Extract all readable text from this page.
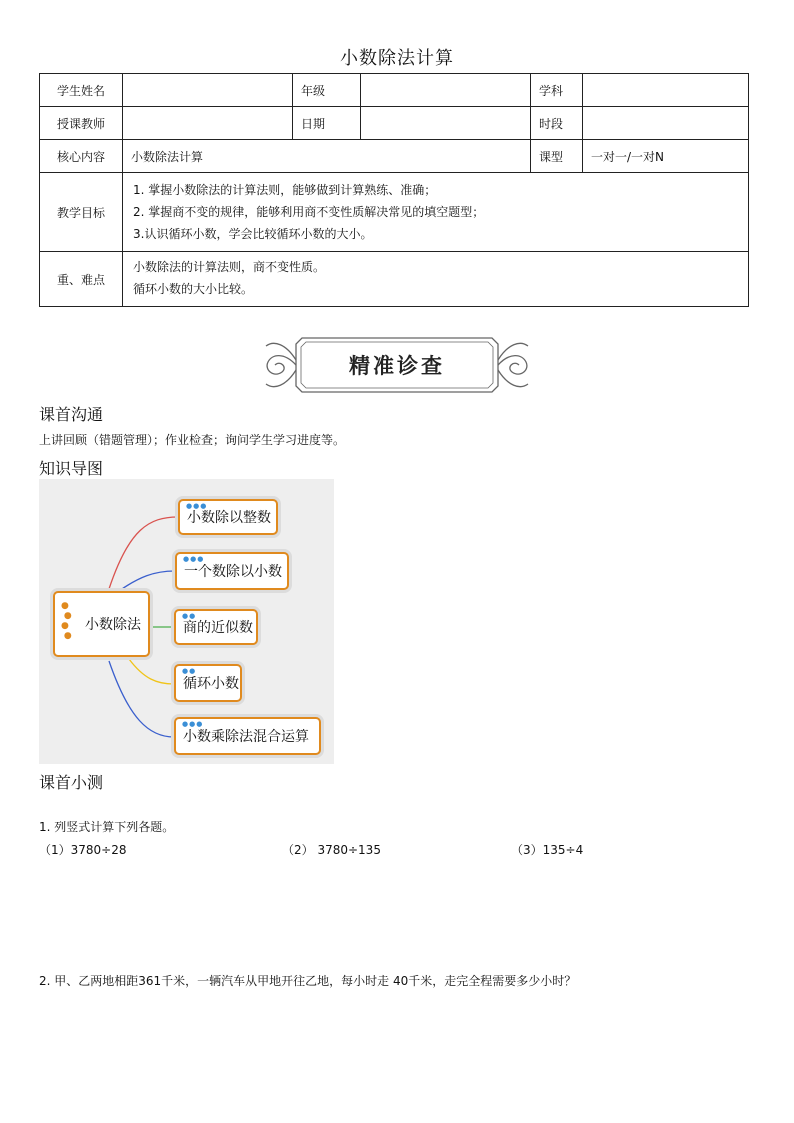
小数除法计算
学生姓名		年级		学科	
授课教师		日期		时段	
核心内容	小数除法计算			课型	一对一/一对N
教学目标	1. 掌握小数除法的计算法则，能够做到计算熟练、准确；
2. 掌握商不变的规律，能够利用商不变性质解决常见的填空题型；
3.认识循环小数，学会比较循环小数的大小。				

重、难点	小数除法的计算法则，商不变性质。
循环小数的大小比较。				
精准诊查
课首沟通
上讲回顾（错题管理）；作业检查；询问学生学习进度等。
知识导图
●
●
●
●
小数除法
●●●
小数除以整数
●●●
一个数除以小数
●●
商的近似数
●●
循环小数
●●●
小数乘除法混合运算
课首小测
1. 列竖式计算下列各题。
（1）3780÷28	（2） 3780÷135	（3）135÷4
2. 甲、乙两地相距361千米，一辆汽车从甲地开往乙地，每小时走 40千米，走完全程需要多少小时？
